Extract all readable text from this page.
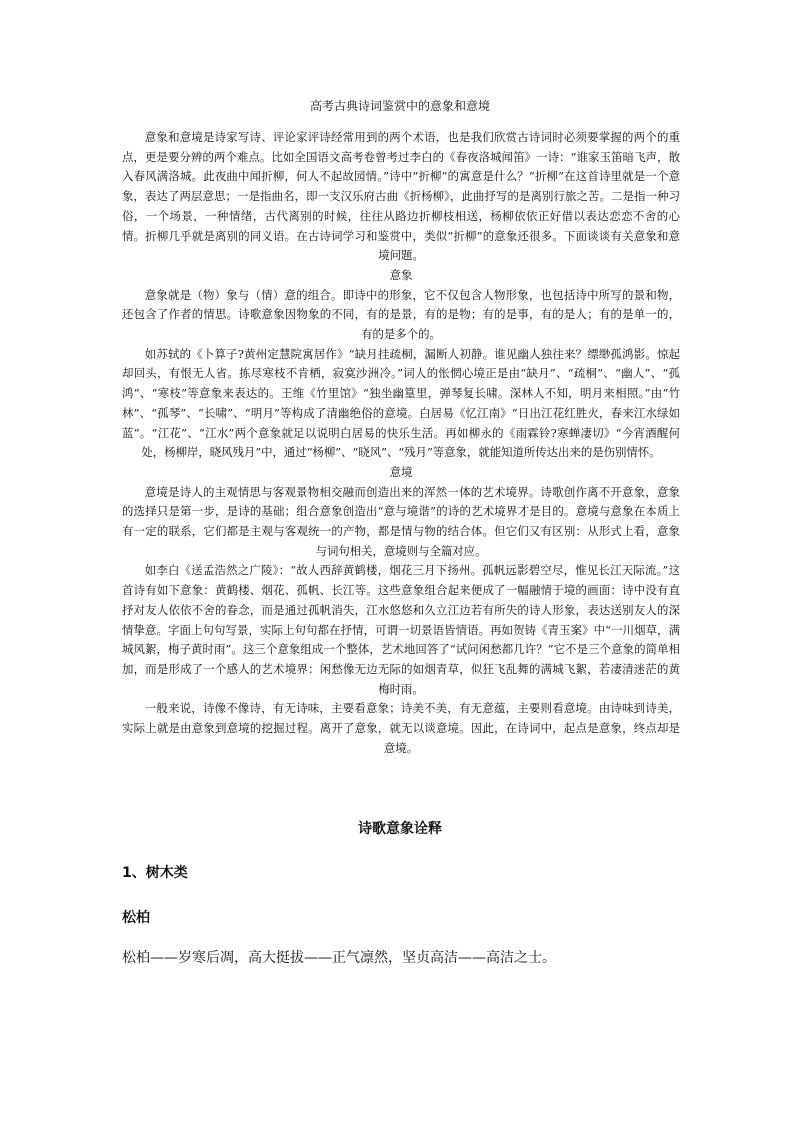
高考古典诗词鉴赏中的意象和意境

意象和意境是诗家写诗、评论家评诗经常用到的两个术语，也是我们欣赏古诗词时必须要掌握的两个的重点，更是要分辨的两个难点。比如全国语文高考卷曾考过李白的《春夜洛城闻笛》一诗：“谁家玉笛暗飞声，散入春风满洛城。此夜曲中闻折柳，何人不起故园情。”诗中“折柳”的寓意是什么？“折柳”在这首诗里就是一个意象，表达了两层意思；一是指曲名，即一支汉乐府古曲《折杨柳》，此曲抒写的是离别行旅之苦。二是指一种习俗，一个场景，一种情绪，古代离别的时候，往往从路边折柳枝相送，杨柳依依正好借以表达恋恋不舍的心情。折柳几乎就是离别的同义语。在古诗词学习和鉴赏中，类似“折柳”的意象还很多。下面谈谈有关意象和意境问题。

意象

意象就是（物）象与（情）意的组合。即诗中的形象，它不仅包含人物形象，也包括诗中所写的景和物，还包含了作者的情思。诗歌意象因物象的不同，有的是景，有的是物；有的是事，有的是人；有的是单一的，有的是多个的。

如苏轼的《卜算子?黄州定慧院寓居作》“缺月挂疏桐，漏断人初静。谁见幽人独往来？缥缈孤鸿影。惊起却回头，有恨无人省。拣尽寒枝不肯栖，寂寞沙洲冷。”词人的怅惘心境正是由“缺月”、“疏桐”、“幽人”、“孤鸿”、“寒枝”等意象来表达的。王维《竹里馆》“独坐幽篁里，弹琴复长啸。深林人不知，明月来相照。”由“竹林”、“孤琴”、“长啸”、“明月”等构成了清幽绝俗的意境。白居易《忆江南》“日出江花红胜火，春来江水绿如蓝”。“江花”、“江水”两个意象就足以说明白居易的快乐生活。再如柳永的《雨霖铃?寒蝉凄切》“今宵酒醒何处，杨柳岸，晓风残月”中，通过“杨柳”、“晓风”、“残月”等意象，就能知道所传达出来的是伤别情怀。

意境

意境是诗人的主观情思与客观景物相交融而创造出来的浑然一体的艺术境界。诗歌创作离不开意象，意象的选择只是第一步，是诗的基础；组合意象创造出“意与境谐”的诗的艺术境界才是目的。意境与意象在本质上有一定的联系，它们都是主观与客观统一的产物，都是情与物的结合体。但它们又有区别：从形式上看，意象与词句相关，意境则与全篇对应。

如李白《送孟浩然之广陵》：“故人西辞黄鹤楼，烟花三月下扬州。孤帆远影碧空尽，惟见长江天际流。”这首诗有如下意象：黄鹤楼、烟花、孤帆、长江等。这些意象组合起来便成了一幅融情于境的画面：诗中没有直抒对友人依依不舍的眷念，而是通过孤帆消失，江水悠悠和久立江边若有所失的诗人形象，表达送别友人的深情挚意。字面上句句写景，实际上句句都在抒情，可谓一切景语皆情语。再如贺铸《青玉案》中“一川烟草，满城风絮，梅子黄时雨”。这三个意象组成一个整体，艺术地回答了“试问闲愁都几许？”它不是三个意象的简单相加，而是形成了一个感人的艺术境界：闲愁像无边无际的如烟青草，似狂飞乱舞的满城飞絮，若凄清迷茫的黄梅时雨。

一般来说，诗像不像诗，有无诗味，主要看意象；诗美不美，有无意蕴，主要则看意境。由诗味到诗美，实际上就是由意象到意境的挖掘过程。离开了意象，就无以谈意境。因此，在诗词中，起点是意象，终点却是意境。

诗歌意象诠释
1、树木类
松柏
松柏——岁寒后凋，高大挺拔——正气凛然，坚贞高洁——高洁之士。
